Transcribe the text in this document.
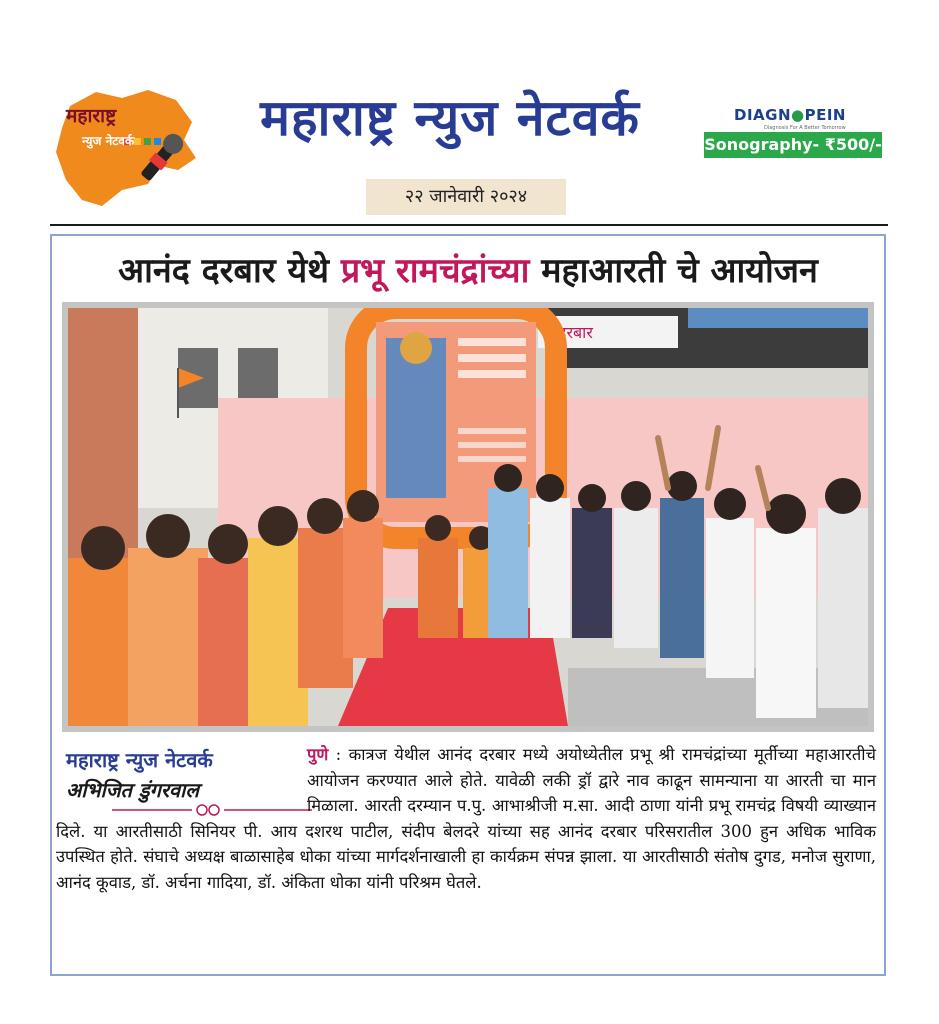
महाराष्ट्र
न्युज नेटवर्क	महाराष्ट्र न्युज नेटवर्क
२२ जानेवारी २०२४
DIAGN●PEIN
Diagnosis For A Better Tomorrow
Sonography- ₹500/-
आनंद दरबार येथे प्रभू रामचंद्रांच्या महाआरती चे आयोजन
दरबार
महाराष्ट्र न्युज नेटवर्क
अभिजित डुंगरवाल

पुणे : कात्रज येथील आनंद दरबार मध्ये अयोध्येतील प्रभू श्री रामचंद्रांच्या मूर्तीच्या महाआरतीचे आयोजन करण्यात आले होते. यावेळी लकी ड्रॉ द्वारे नाव काढून सामन्याना या आरती चा मान मिळाला. आरती दरम्यान प.पु. आभाश्रीजी म.सा. आदी ठाणा यांनी प्रभू रामचंद्र विषयी व्याख्यान दिले. या आरतीसाठी सिनियर पी. आय दशरथ पाटील, संदीप बेलदरे यांच्या सह आनंद दरबार परिसरातील 300 हुन अधिक भाविक उपस्थित होते. संघाचे अध्यक्ष बाळासाहेब धोका यांच्या मार्गदर्शनाखाली हा कार्यक्रम संपन्न झाला. या आरतीसाठी संतोष दुगड, मनोज सुराणा, आनंद कूवाड, डॉ. अर्चना गादिया, डॉ. अंकिता धोका यांनी परिश्रम घेतले.
